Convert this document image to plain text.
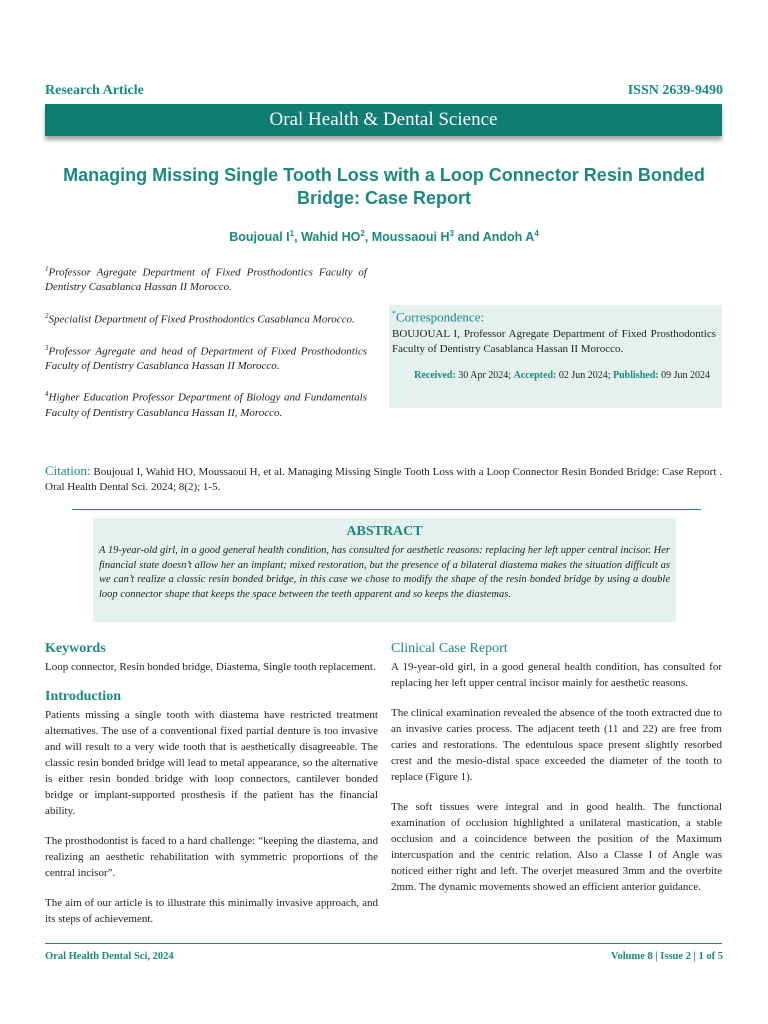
Research Article	ISSN 2639-9490
Oral Health & Dental Science
Managing Missing Single Tooth Loss with a Loop Connector Resin Bonded Bridge: Case Report
Boujoual $I^1$, Wahid $HO^2$, Moussaoui $H^3$ and Andoh $A^4$

$^1$Professor Agregate Department of Fixed Prosthodontics Faculty of Dentistry Casablanca Hassan II Morocco.

$^2$Specialist Department of Fixed Prosthodontics Casablanca Morocco.

$^3$Professor Agregate and head of Department of Fixed Prosthodontics Faculty of Dentistry Casablanca Hassan II Morocco.

$^4$Higher Education Professor Department of Biology and Fundamentals Faculty of Dentistry Casablanca Hassan II, Morocco.

*Correspondence:
BOUJOUAL I, Professor Agregate Department of Fixed Prosthodontics Faculty of Dentistry Casablanca Hassan II Morocco.
Received: 30 Apr 2024; Accepted: 02 Jun 2024; Published: 09 Jun 2024
Citation: Boujoual I, Wahid HO, Moussaoui H, et al. Managing Missing Single Tooth Loss with a Loop Connector Resin Bonded Bridge: Case Report . Oral Health Dental Sci. 2024; 8(2); 1-5.
ABSTRACT

A 19-year-old girl, in a good general health condition, has consulted for aesthetic reasons: replacing her left upper central incisor. Her financial state doesn’t allow her an implant; mixed restoration, but the presence of a bilateral diastema makes the situation difficult as we can’t realize a classic resin bonded bridge, in this case we chose to modify the shape of the resin bonded bridge by using a double loop connector shape that keeps the space between the teeth apparent and so keeps the diastemas.

Keywords

Loop connector, Resin bonded bridge, Diastema, Single tooth replacement.

Introduction

Patients missing a single tooth with diastema have restricted treatment alternatives. The use of a conventional fixed partial denture is too invasive and will result to a very wide tooth that is aesthetically disagreeable. The classic resin bonded bridge will lead to metal appearance, so the alternative is either resin bonded bridge with loop connectors, cantilever bonded bridge or implant-supported prosthesis if the patient has the financial ability.

The prosthodontist is faced to a hard challenge: “keeping the diastema, and realizing an aesthetic rehabilitation with symmetric proportions of the central incisor”.

The aim of our article is to illustrate this minimally invasive approach, and its steps of achievement.

Clinical Case Report

A 19-year-old girl, in a good general health condition, has consulted for replacing her left upper central incisor mainly for aesthetic reasons.

The clinical examination revealed the absence of the tooth extracted due to an invasive caries process. The adjacent teeth (11 and 22) are free from caries and restorations. The edentulous space present slightly resorbed crest and the mesio-distal space exceeded the diameter of the tooth to replace (Figure 1).

The soft tissues were integral and in good health. The functional examination of occlusion highlighted a unilateral mastication, a stable occlusion and a coincidence between the position of the Maximum intercuspation and the centric relation. Also a Classe I of Angle was noticed either right and left. The overjet measured 3mm and the overbite 2mm. The dynamic movements showed an efficient anterior guidance.

Oral Health Dental Sci, 2024	Volume 8 | Issue 2 | 1 of 5
